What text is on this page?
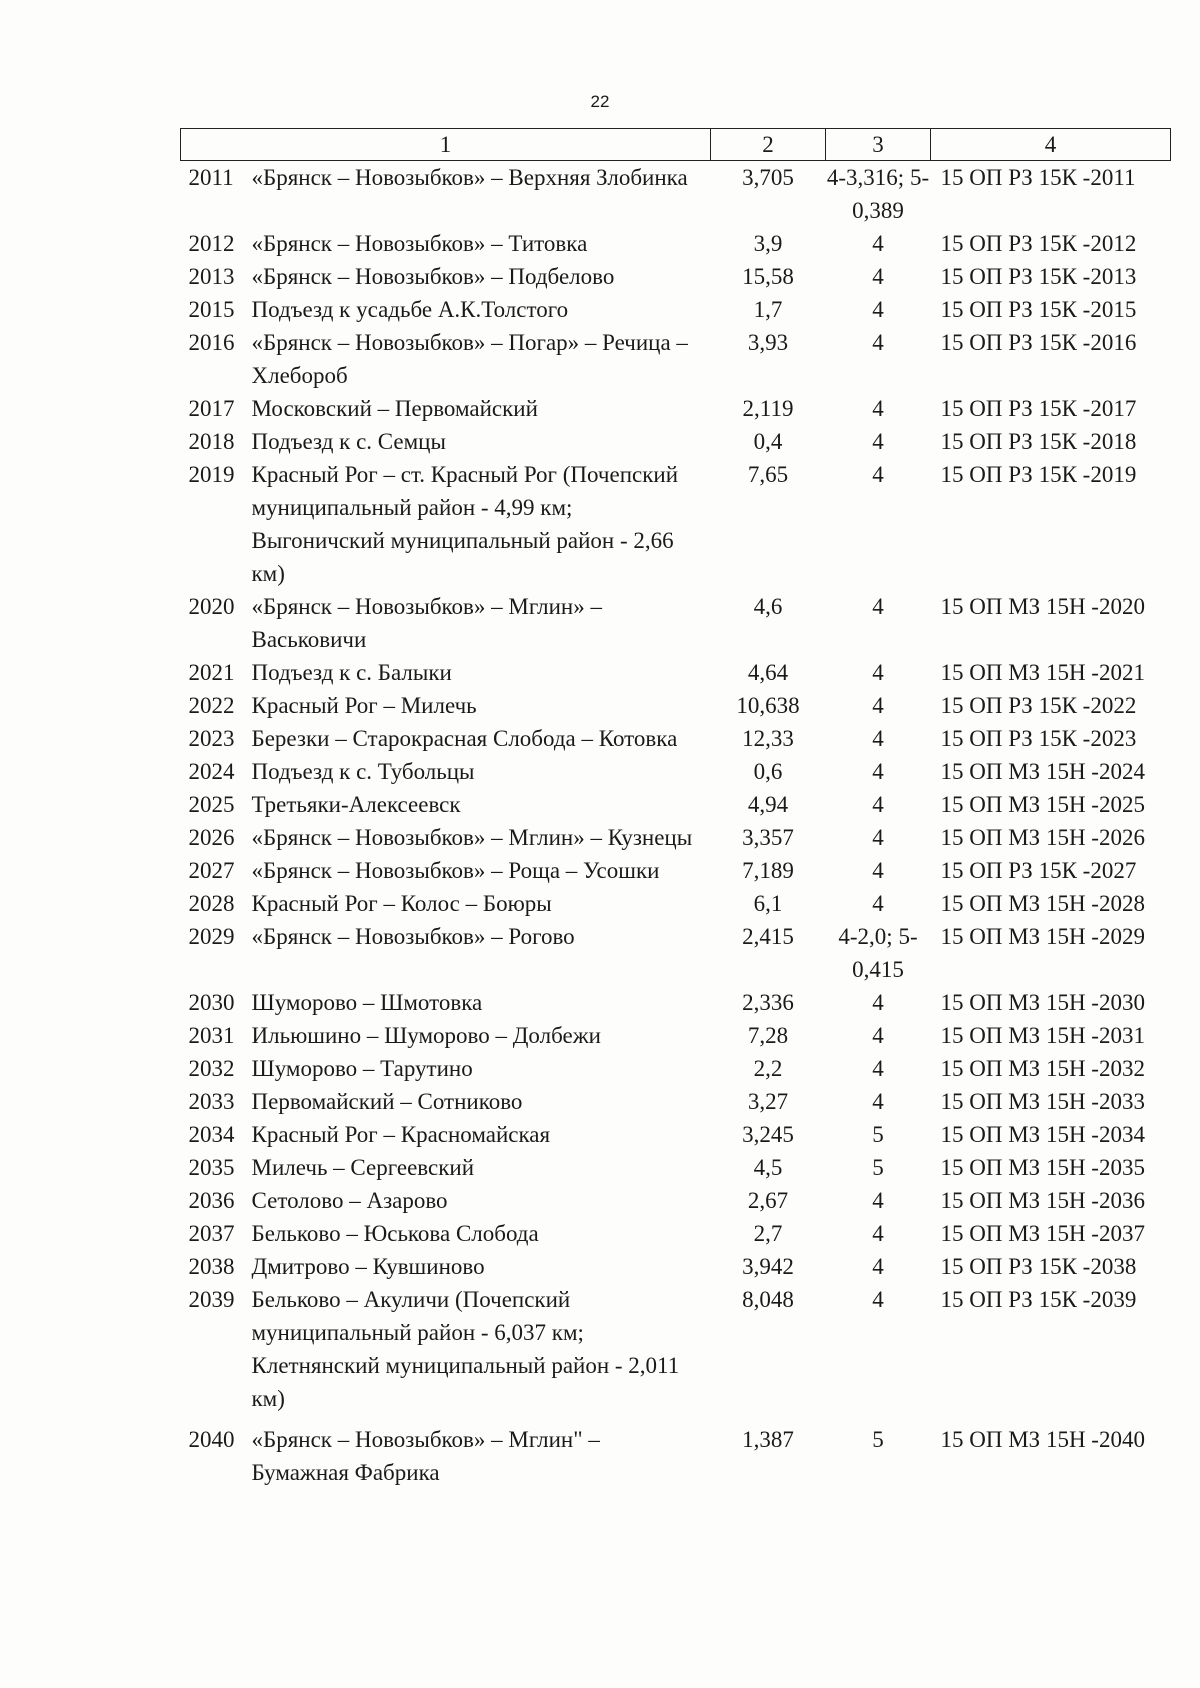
22
1		2	3	4
2011	«Брянск – Новозыбков» – Верхняя Злобинка	3,705	4-3,316; 5-0,389	15 ОП РЗ 15К -2011
2012	«Брянск – Новозыбков» – Титовка	3,9	4	15 ОП РЗ 15К -2012
2013	«Брянск – Новозыбков» – Подбелово	15,58	4	15 ОП РЗ 15К -2013
2015	Подъезд к усадьбе А.К.Толстого	1,7	4	15 ОП РЗ 15К -2015
2016	«Брянск – Новозыбков» – Погар» – Речица – Хлебороб	3,93	4	15 ОП РЗ 15К -2016
2017	Московский – Первомайский	2,119	4	15 ОП РЗ 15К -2017
2018	Подъезд к с. Семцы	0,4	4	15 ОП РЗ 15К -2018
2019	Красный Рог – ст. Красный Рог (Почепский муниципальный район - 4,99 км; Выгоничский муниципальный район - 2,66 км)	7,65	4	15 ОП РЗ 15К -2019
2020	«Брянск – Новозыбков» – Мглин» – Васьковичи	4,6	4	15 ОП МЗ 15Н -2020
2021	Подъезд к с. Балыки	4,64	4	15 ОП МЗ 15Н -2021
2022	Красный Рог – Милечь	10,638	4	15 ОП РЗ 15К -2022
2023	Березки – Старокрасная Слобода – Котовка	12,33	4	15 ОП РЗ 15К -2023
2024	Подъезд к с. Тубольцы	0,6	4	15 ОП МЗ 15Н -2024
2025	Третьяки-Алексеевск	4,94	4	15 ОП МЗ 15Н -2025
2026	«Брянск – Новозыбков» – Мглин» – Кузнецы	3,357	4	15 ОП МЗ 15Н -2026
2027	«Брянск – Новозыбков» – Роща – Усошки	7,189	4	15 ОП РЗ 15К -2027
2028	Красный Рог – Колос – Боюры	6,1	4	15 ОП МЗ 15Н -2028
2029	«Брянск – Новозыбков» – Рогово	2,415	4-2,0; 5-0,415	15 ОП МЗ 15Н -2029
2030	Шуморово – Шмотовка	2,336	4	15 ОП МЗ 15Н -2030
2031	Ильюшино – Шуморово – Долбежи	7,28	4	15 ОП МЗ 15Н -2031
2032	Шуморово – Тарутино	2,2	4	15 ОП МЗ 15Н -2032
2033	Первомайский – Сотниково	3,27	4	15 ОП МЗ 15Н -2033
2034	Красный Рог – Красномайская	3,245	5	15 ОП МЗ 15Н -2034
2035	Милечь – Сергеевский	4,5	5	15 ОП МЗ 15Н -2035
2036	Сетолово – Азарово	2,67	4	15 ОП МЗ 15Н -2036
2037	Бельково – Юськова Слобода	2,7	4	15 ОП МЗ 15Н -2037
2038	Дмитрово – Кувшиново	3,942	4	15 ОП РЗ 15К -2038
2039	Бельково – Акуличи (Почепский муниципальный район - 6,037 км; Клетнянский муниципальный район - 2,011 км)	8,048	4	15 ОП РЗ 15К -2039
2040	«Брянск – Новозыбков» – Мглин" – Бумажная Фабрика	1,387	5	15 ОП МЗ 15Н -2040
